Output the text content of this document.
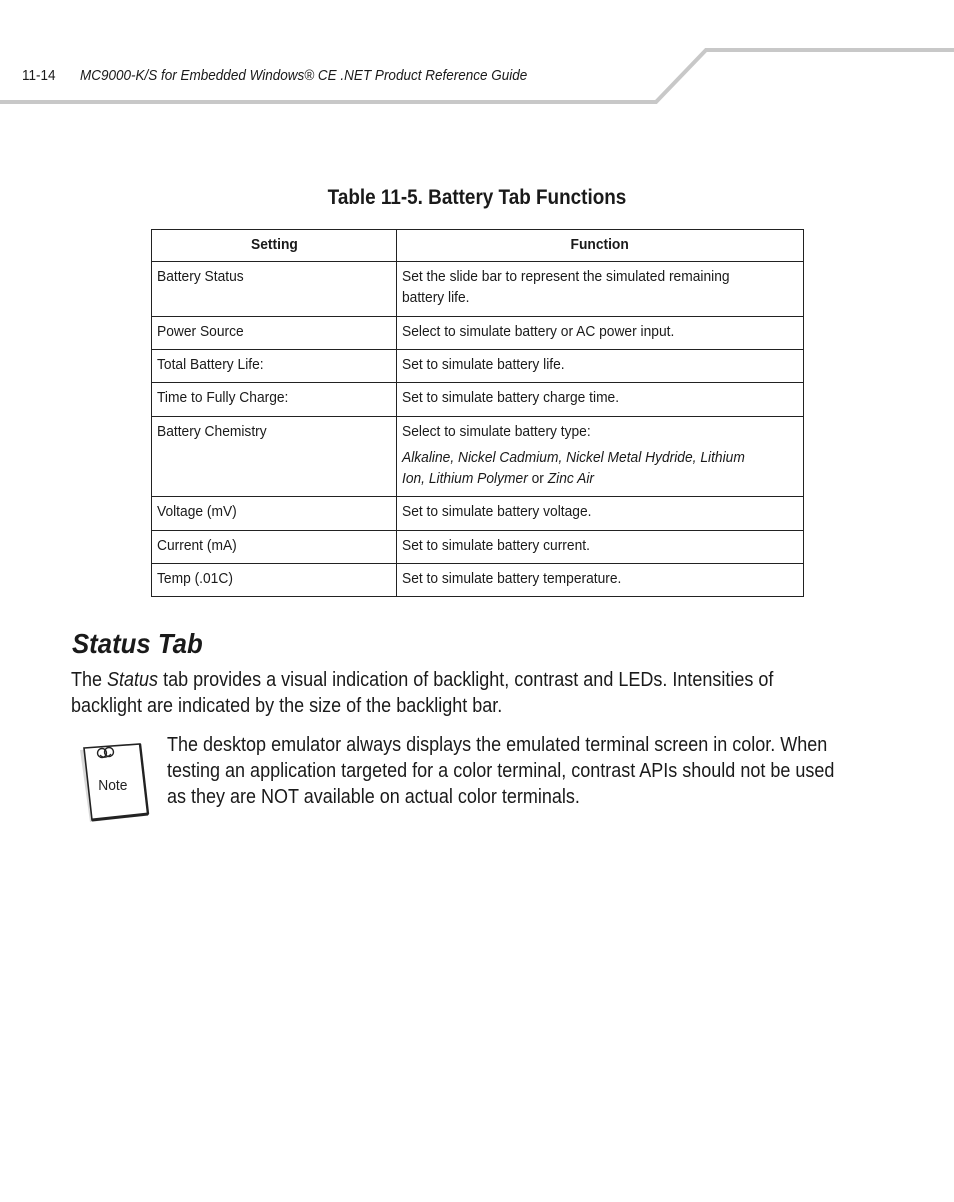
11-14 MC9000-K/S for Embedded Windows® CE .NET Product Reference Guide
Table 11-5. Battery Tab Functions
Setting	Function
Battery Status	Set the slide bar to represent the simulated remaining battery life.
Power Source	Select to simulate battery or AC power input.
Total Battery Life:	Set to simulate battery life.
Time to Fully Charge:	Set to simulate battery charge time.
Battery Chemistry	Select to simulate battery type:
Alkaline, Nickel Cadmium, Nickel Metal Hydride, Lithium Ion, Lithium Polymer or Zinc Air

Voltage (mV)	Set to simulate battery voltage.
Current (mA)	Set to simulate battery current.
Temp (.01C)	Set to simulate battery temperature.
Status Tab
The Status tab provides a visual indication of backlight, contrast and LEDs. Intensities of backlight are indicated by the size of the backlight bar.
Note
The desktop emulator always displays the emulated terminal screen in color. When testing an application targeted for a color terminal, contrast APIs should not be used as they are NOT available on actual color terminals.
